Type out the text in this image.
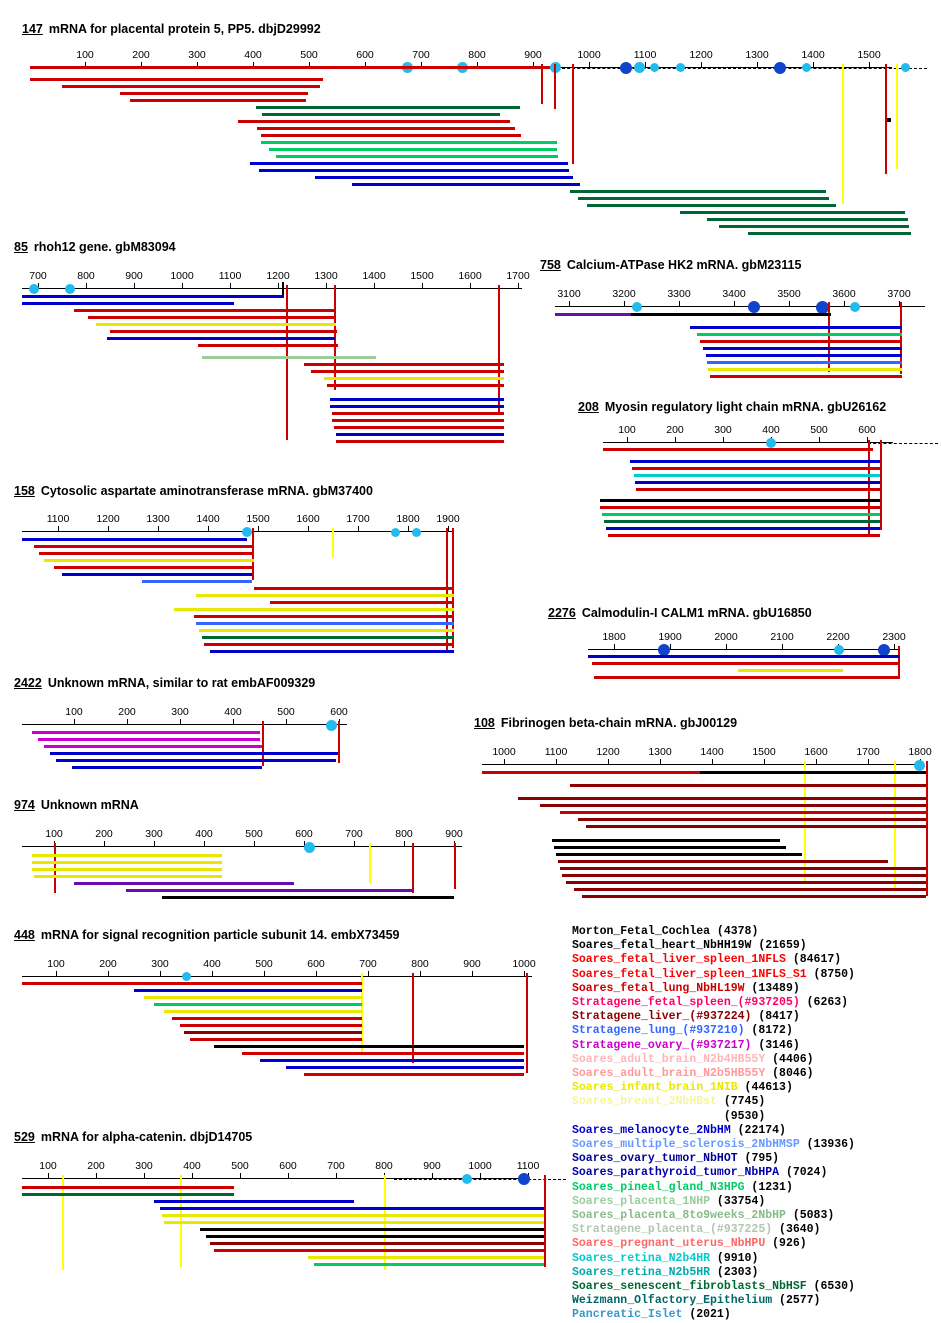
147 mRNA for placental protein 5, PP5. dbjD29992
100	200	300	400	500	600	700	800	900	1000	1100	1200	1300	1400	1500
85 rhoh12 gene. gbM83094
700	800	900	1000 1100 1200 1300 1400 1500 1600 1700
758 Calcium-ATPase HK2 mRNA. gbM23115
3100	3200	3300	3400	3500	3600	3700
208 Myosin regulatory light chain mRNA. gbU26162
100	200	300	400	500	600
158 Cytosolic aspartate aminotransferase mRNA. gbM37400
1100	1200	1300	1400	1500	1600	1700	1800 1900
2276 Calmodulin-I CALM1 mRNA. gbU16850
1800	1900	2000	2100	2200	2300
2422 Unknown mRNA, similar to rat embAF009329
100	200	300	400	500	600
108 Fibrinogen beta-chain mRNA. gbJ00129
1000	1100	1200	1300	1400	1500	1600	1700	1800
974 Unknown mRNA
100	200	300	400	500	600	700	800	900
448 mRNA for signal recognition particle subunit 14. embX73459
100	200	300	400	500	600	700	800	900	1000
529 mRNA for alpha-catenin. dbjD14705
100	200	300	400	500	600	700	800	900	1000 1100
Morton_Fetal_Cochlea (4378)
Soares_fetal_heart_NbHH19W (21659)
Soares_fetal_liver_spleen_1NFLS (84617)
Soares_fetal_liver_spleen_1NFLS_S1 (8750)
Soares_fetal_lung_NbHL19W (13489)
Stratagene_fetal_spleen_(#937205) (6263)
Stratagene_liver_(#937224) (8417)
Stratagene_lung_(#937210) (8172)
Stratagene_ovary_(#937217) (3146)
Soares_adult_brain_N2b4HB55Y (4406)
Soares_adult_brain_N2b5HB55Y (8046)
Soares_infant_brain_1NIB (44613)
Soares_breast_2NbHBst (7745)
(9530)
Soares_melanocyte_2NbHM (22174)
Soares_multiple_sclerosis_2NbHMSP (13936)
Soares_ovary_tumor_NbHOT (795)
Soares_parathyroid_tumor_NbHPA (7024)
Soares_pineal_gland_N3HPG (1231)
Soares_placenta_1NHP (33754)
Soares_placenta_8to9weeks_2NbHP (5083)
Stratagene_placenta_(#937225) (3640)
Soares_pregnant_uterus_NbHPU (926)
Soares_retina_N2b4HR (9910)
Soares_retina_N2b5HR (2303)
Soares_senescent_fibroblasts_NbHSF (6530)
Weizmann_Olfactory_Epithelium (2577)
Pancreatic_Islet (2021)
